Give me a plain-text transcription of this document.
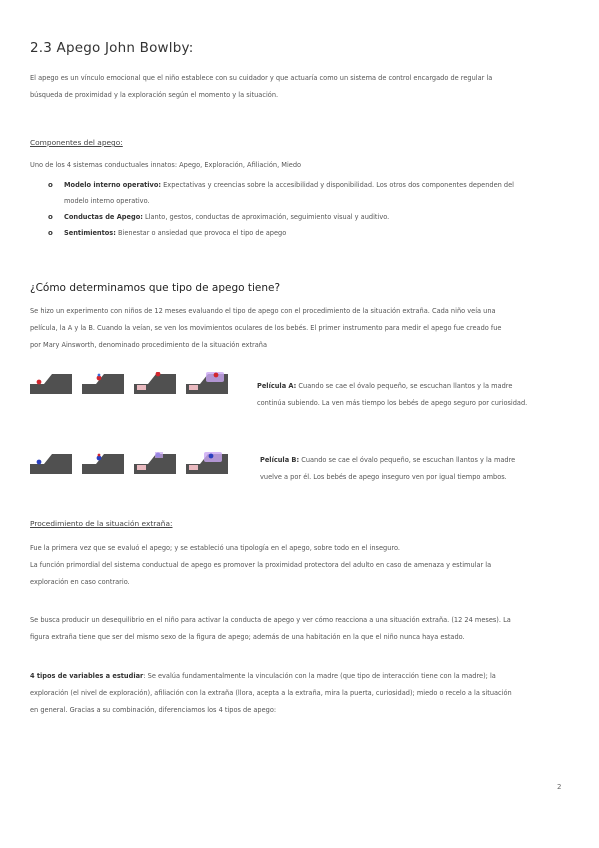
2.3 Apego John Bowlby:

El apego es un vínculo emocional que el niño establece con su cuidador y que actuaría como un sistema de control encargado de regular la

búsqueda de proximidad y la exploración según el momento y la situación.

Componentes del apego:

Uno de los 4 sistemas conductuales innatos: Apego, Exploración, Afiliación, Miedo

o Modelo interno operativo: Expectativas y creencias sobre la accesibilidad y disponibilidad. Los otros dos componentes dependen del
modelo interno operativo.
o Conductas de Apego: Llanto, gestos, conductas de aproximación, seguimiento visual y auditivo.
o Sentimientos: Bienestar o ansiedad que provoca el tipo de apego
¿Cómo determinamos que tipo de apego tiene?

Se hizo un experimento con niños de 12 meses evaluando el tipo de apego con el procedimiento de la situación extraña. Cada niño veía una

película, la A y la B. Cuando la veían, se ven los movimientos oculares de los bebés. El primer instrumento para medir el apego fue creado fue

por Mary Ainsworth, denominado procedimiento de la situación extraña

Película A: Cuando se cae el óvalo pequeño, se escuchan llantos y la madre
continúa subiendo. La ven más tiempo los bebés de apego seguro por curiosidad.

Película B: Cuando se cae el óvalo pequeño, se escuchan llantos y la madre
vuelve a por él. Los bebés de apego inseguro ven por igual tiempo ambos.

Procedimiento de la situación extraña:

Fue la primera vez que se evaluó el apego; y se estableció una tipología en el apego, sobre todo en el inseguro.

La función primordial del sistema conductual de apego es promover la proximidad protectora del adulto en caso de amenaza y estimular la

exploración en caso contrario.

Se busca producir un desequilibrio en el niño para activar la conducta de apego y ver cómo reacciona a una situación extraña. (12 24 meses). La

figura extraña tiene que ser del mismo sexo de la figura de apego; además de una habitación en la que el niño nunca haya estado.

4 tipos de variables a estudiar: Se evalúa fundamentalmente la vinculación con la madre (que tipo de interacción tiene con la madre); la

exploración (el nivel de exploración), afiliación con la extraña (llora, acepta a la extraña, mira la puerta, curiosidad); miedo o recelo a la situación

en general. Gracias a su combinación, diferenciamos los 4 tipos de apego:

2
